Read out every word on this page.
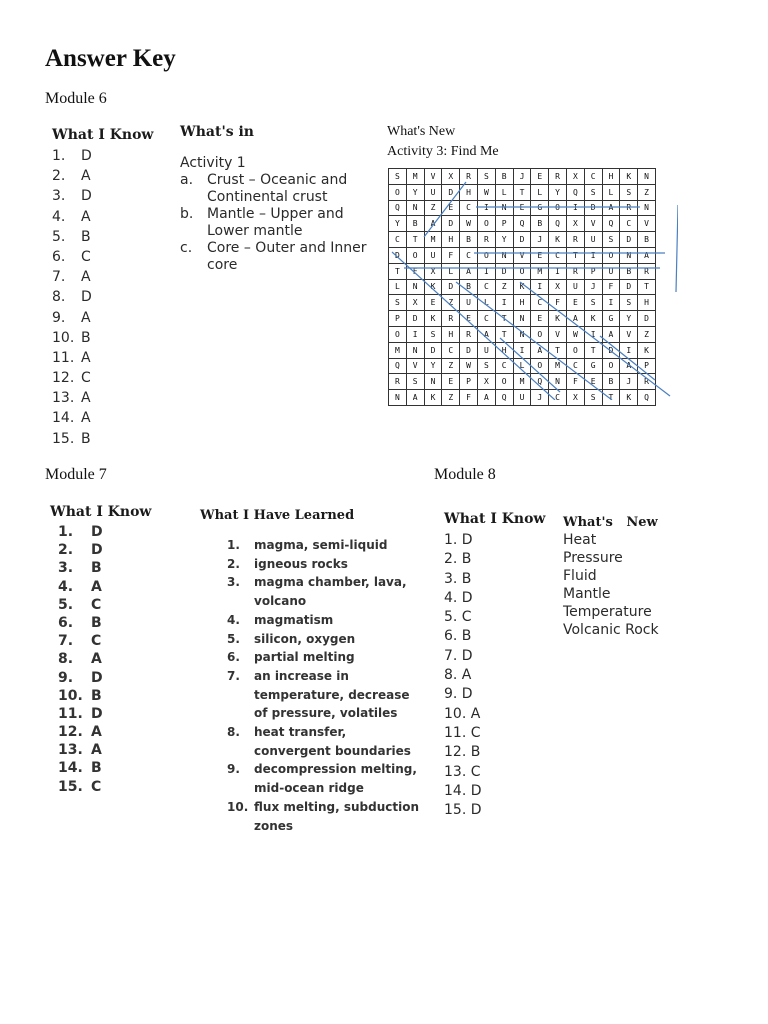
Answer Key
Module 6
What I Know
1.	D
2.	A
3.	D
4.	A
5.	B
6.	C
7.	A
8.	D
9.	A
10. B
11. A
12. C
13. A
14. A
15. B
What's in
Activity 1
a. Crust – Oceanic and Continental crust
b. Mantle – Upper and Lower mantle
c.	Core – Outer and Inner core
What's New
Activity 3: Find Me
S	M	V	X	R	S	B	J	E	R	X	C	H	K	N
O	Y	U	D	H	W	L	T	L	Y	Q	S	L	S	Z
Q	N	Z	E	C	I	N	E	G	O	I	D	A	R	N
Y	B	A	D	W	O	P	Q	B	Q	X	V	Q	C	V
C	T	M	H	B	R	Y	D	J	K	R	U	S	D	B
D	O	U	F	C	O	N	V	E	C	T	I	O	N	A
T	F	X	L	A	I	D	O	M	I	R	P	U	B	R
L	N	K	D	B	C	Z	K	I	X	U	J	F	D	T
S	X	E	Z	U	L	I	H	C	F	E	S	I	S	H
P	D	K	R	E	C	T	N	E	K	A	K	G	Y	D
O	I	S	H	R	A	T	N	O	V	W	I	A	V	Z
M	N	D	C	D	U	H	I	A	T	O	T	D	I	K
Q	V	Y	Z	W	S	C	L	O	M	C	G	O	A	P
R	S	N	E	P	X	O	M	Q	N	F	E	B	J	R
N	A	K	Z	F	A	Q	U	J	C	X	S	T	K	Q
Module 7
What I Know
1.	D
2.	D
3.	B
4.	A
5.	C
6.	B
7.	C
8.	A
9.	D
10. B
11. D
12. A
13. A
14. B
15. C
What I Have Learned
1.	magma, semi-liquid
2.	igneous rocks
3.	magma chamber, lava, volcano
4.	magmatism
5.	silicon, oxygen
6.	partial melting
7.	an increase in temperature, decrease of pressure, volatiles
8.	heat transfer, convergent boundaries
9.	decompression melting, mid-ocean ridge
10. flux melting, subduction zones
Module 8
What I Know
1. D
2. B
3. B
4. D
5. C
6. B
7. D
8. A
9. D
10. A
11. C
12. B
13. C
14. D
15. D
What's   New
Heat
Pressure
Fluid
Mantle
Temperature
Volcanic Rock
